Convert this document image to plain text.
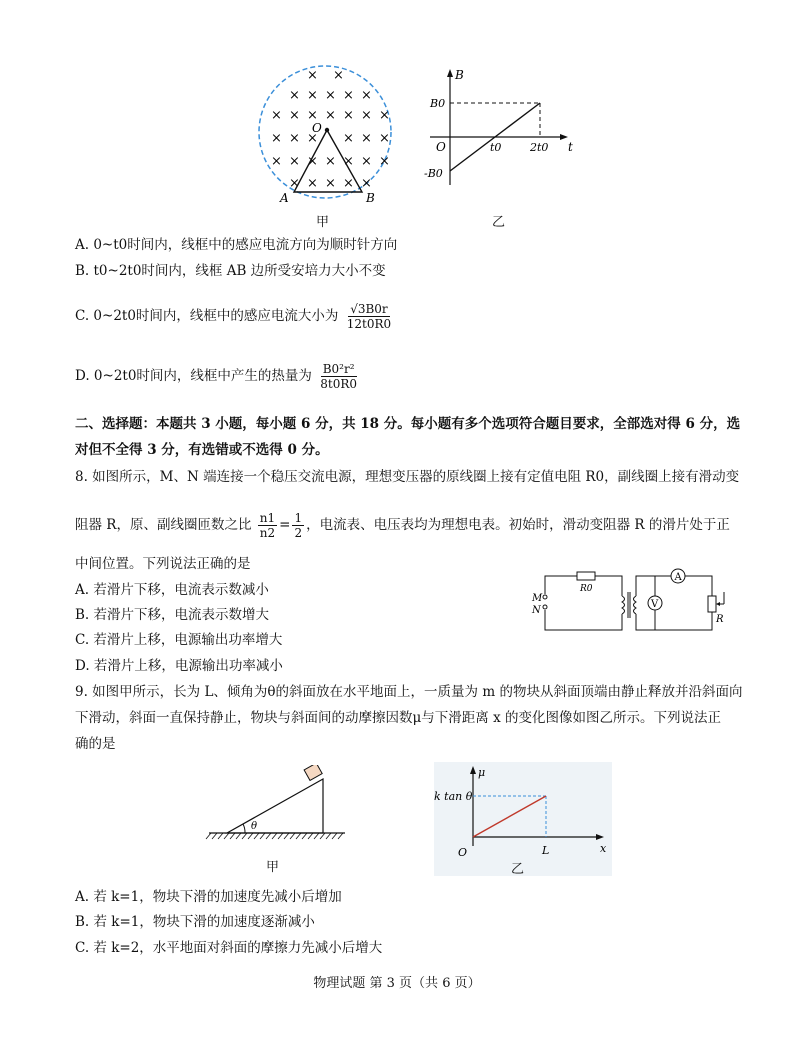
× ×
× × × × ×
× × × × × × ×
× × × × × ×
× × × × × × ×
× × × × ×
O
A	B
甲
B
t
O
B0
-B0
t0	2t0
乙
A. 0~t0时间内，线框中的感应电流方向为顺时针方向
B. t0~2t0时间内，线框 AB 边所受安培力大小不变
C. 0~2t0时间内，线框中的感应电流大小为 $\frac{√3B0r}{12t0R0}$
D. 0~2t0时间内，线框中产生的热量为 $\frac{\text{B0²r²}}{8t0R0}$
二、选择题：本题共 3 小题，每小题 6 分，共 18 分。每小题有多个选项符合题目要求，全部选对得 6 分，选
对但不全得 3 分，有选错或不选得 0 分。
8. 如图所示，M、N 端连接一个稳压交流电源，理想变压器的原线圈上接有定值电阻 R0，副线圈上接有滑动变
阻器 R，原、副线圈匝数之比 $\frac{n1}{n2} = \frac{1}{2}$ ，电流表、电压表均为理想电表。初始时，滑动变阻器 R 的滑片处于正
中间位置。下列说法正确的是
A. 若滑片下移，电流表示数减小
B. 若滑片下移，电流表示数增大
C. 若滑片上移，电源输出功率增大
D. 若滑片上移，电源输出功率减小
A
V
M
N
R0
R
9. 如图甲所示，长为 L、倾角为θ的斜面放在水平地面上，一质量为 m 的物块从斜面顶端由静止释放并沿斜面向
下滑动，斜面一直保持静止，物块与斜面间的动摩擦因数μ与下滑距离 x 的变化图像如图乙所示。下列说法正
确的是
θ
甲
μ
x
O
k tan θ
L
乙
A. 若 k=1，物块下滑的加速度先减小后增加
B. 若 k=1，物块下滑的加速度逐渐减小
C. 若 k=2，水平地面对斜面的摩擦力先减小后增大
物理试题 第 3 页（共 6 页）
